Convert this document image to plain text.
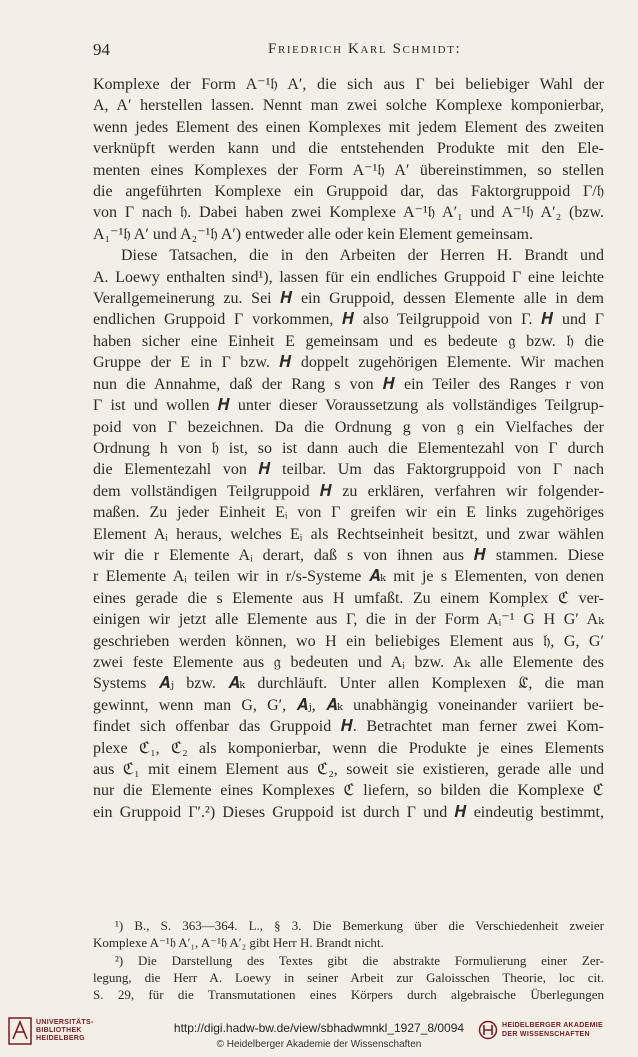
94	Friedrich Karl Schmidt:
Komplexe der Form A⁻¹𝔥 A′, die sich aus Γ bei beliebiger Wahl der
A, A′ herstellen lassen. Nennt man zwei solche Komplexe komponierbar,
wenn jedes Element des einen Komplexes mit jedem Element des zweiten
verknüpft werden kann und die entstehenden Produkte mit den Ele-
menten eines Komplexes der Form A⁻¹𝔥 A′ übereinstimmen, so stellen
die angeführten Komplexe ein Gruppoid dar, das Faktorgruppoid Γ/𝔥
von Γ nach 𝔥. Dabei haben zwei Komplexe A⁻¹𝔥 A′₁ und A⁻¹𝔥 A′₂ (bzw.
A₁⁻¹𝔥 A′ und A₂⁻¹𝔥 A′) entweder alle oder kein Element gemeinsam.
Diese Tatsachen, die in den Arbeiten der Herren H. Brandt und
A. Loewy enthalten sind¹), lassen für ein endliches Gruppoid Γ eine leichte
Verallgemeinerung zu. Sei 𝑯 ein Gruppoid, dessen Elemente alle in dem
endlichen Gruppoid Γ vorkommen, 𝑯 also Teilgruppoid von Γ. 𝑯 und Γ
haben sicher eine Einheit E gemeinsam und es bedeute 𝔤 bzw. 𝔥 die
Gruppe der E in Γ bzw. 𝑯 doppelt zugehörigen Elemente. Wir machen
nun die Annahme, daß der Rang s von 𝑯 ein Teiler des Ranges r von
Γ ist und wollen 𝑯 unter dieser Voraussetzung als vollständiges Teilgrup-
poid von Γ bezeichnen. Da die Ordnung g von 𝔤 ein Vielfaches der
Ordnung h von 𝔥 ist, so ist dann auch die Elementezahl von Γ durch
die Elementezahl von 𝑯 teilbar. Um das Faktorgruppoid von Γ nach
dem vollständigen Teilgruppoid 𝑯 zu erklären, verfahren wir folgender-
maßen. Zu jeder Einheit Eᵢ von Γ greifen wir ein E links zugehöriges
Element Aᵢ heraus, welches Eᵢ als Rechtseinheit besitzt, und zwar wählen
wir die r Elemente Aᵢ derart, daß s von ihnen aus 𝑯 stammen. Diese
r Elemente Aᵢ teilen wir in r/s-Systeme 𝑨ₖ mit je s Elementen, von denen
eines gerade die s Elemente aus H umfaßt. Zu einem Komplex ℭ ver-
einigen wir jetzt alle Elemente aus Γ, die in der Form Aᵢ⁻¹ G H G′ Aₖ
geschrieben werden können, wo H ein beliebiges Element aus 𝔥, G, G′
zwei feste Elemente aus 𝔤 bedeuten und Aᵢ bzw. Aₖ alle Elemente des
Systems 𝑨ⱼ bzw. 𝑨ₖ durchläuft. Unter allen Komplexen ℭ, die man
gewinnt, wenn man G, G′, 𝑨ⱼ, 𝑨ₖ unabhängig voneinander variiert be-
findet sich offenbar das Gruppoid 𝑯. Betrachtet man ferner zwei Kom-
plexe ℭ₁, ℭ₂ als komponierbar, wenn die Produkte je eines Elements
aus ℭ₁ mit einem Element aus ℭ₂, soweit sie existieren, gerade alle und
nur die Elemente eines Komplexes ℭ liefern, so bilden die Komplexe ℭ
ein Gruppoid Γ′.²) Dieses Gruppoid ist durch Γ und 𝑯 eindeutig bestimmt,
¹) B., S. 363—364. L., § 3. Die Bemerkung über die Verschiedenheit zweier
Komplexe A⁻¹𝔥 A′₁, A⁻¹𝔥 A′₂ gibt Herr H. Brandt nicht.
²) Die Darstellung des Textes gibt die abstrakte Formulierung einer Zer-
legung, die Herr A. Loewy in seiner Arbeit zur Galoisschen Theorie, loc cit.
S. 29, für die Transmutationen eines Körpers durch algebraische Überlegungen
UNIVERSITÄTS-
BIBLIOTHEK
HEIDELBERG
http://digi.hadw-bw.de/view/sbhadwmnkl_1927_8/0094
© Heidelberger Akademie der Wissenschaften
HEIDELBERGER AKADEMIE
DER WISSENSCHAFTEN
